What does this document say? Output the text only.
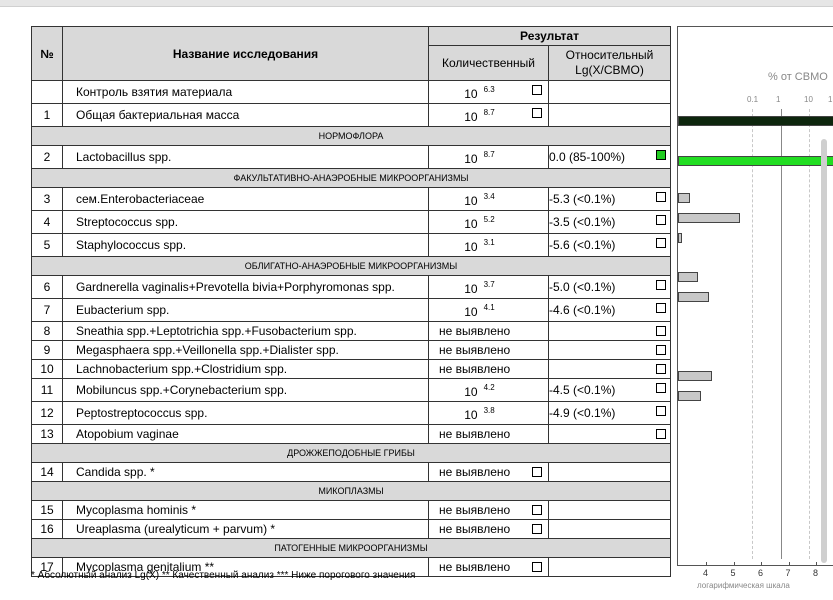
№	Название исследования	Результат	
		Количественный	Относительный
Lg(X/СВМО)

	Контроль взятия материала	10 $^{6.3}$

1	Общая бактериальная масса	10 $^{8.7}$

НОРМОФЛОРА			
2	Lactobacillus spp.	10 $^{8.7}$	0.0 (85-100%)

ФАКУЛЬТАТИВНО-АНАЭРОБНЫЕ МИКРООРГАНИЗМЫ			
3	сем.Enterobacteriaceae	10 $^{3.4}$	-5.3 (<0.1%)

4	Streptococcus spp.	10 $^{5.2}$	-3.5 (<0.1%)

5	Staphylococcus spp.	10 $^{3.1}$	-5.6 (<0.1%)

ОБЛИГАТНО-АНАЭРОБНЫЕ МИКРООРГАНИЗМЫ			
6	Gardnerella vaginalis+Prevotella bivia+Porphyromonas spp.	10 $^{3.7}$	-5.0 (<0.1%)

7	Eubacterium spp.	10 $^{4.1}$	-4.6 (<0.1%)

8	Sneathia spp.+Leptotrichia spp.+Fusobacterium spp.	не выявлено	

9	Megasphaera spp.+Veillonella spp.+Dialister spp.	не выявлено	

10	Lachnobacterium spp.+Clostridium spp.	не выявлено	

11	Mobiluncus spp.+Corynebacterium spp.	10 $^{4.2}$	-4.5 (<0.1%)

12	Peptostreptococcus spp.	10 $^{3.8}$	-4.9 (<0.1%)

13	Atopobium vaginae	не выявлено	

ДРОЖЖЕПОДОБНЫЕ ГРИБЫ			
14	Candida spp. *	не выявлено

МИКОПЛАЗМЫ			
15	Mycoplasma hominis *	не выявлено

16	Ureaplasma (urealyticum + parvum) *	не выявлено

ПАТОГЕННЫЕ МИКРООРГАНИЗМЫ			
17	Mycoplasma genitalium **	не выявлено

% от СВМО
0.1 1	10 1
4 5 6 7 8
логарифмическая шкала
* Абсолютный анализ Lg(X) ** Качественный анализ *** Ниже порогового значения
